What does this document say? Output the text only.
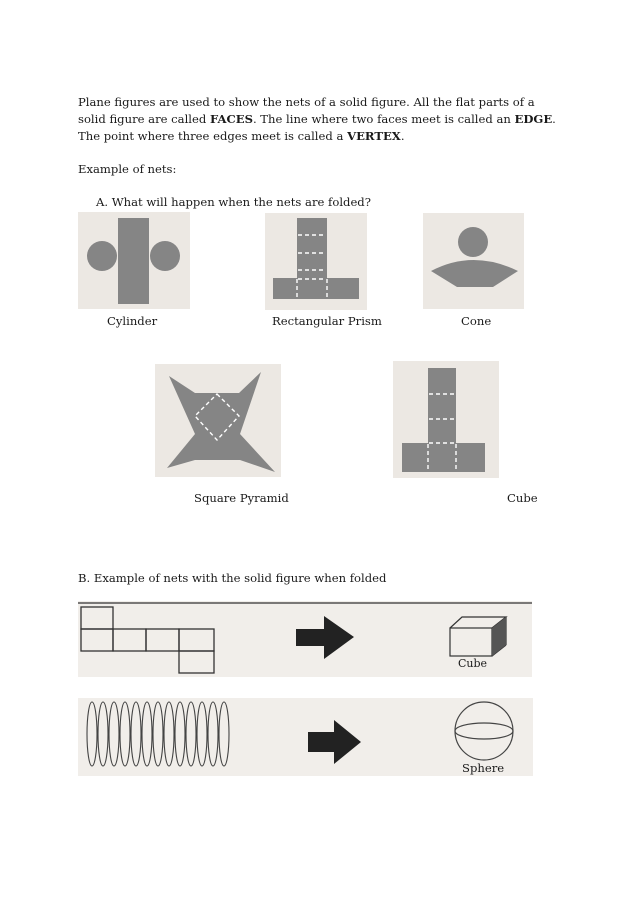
Plane figures are used to show the nets of a solid figure. All the flat parts of a solid figure are called FACES. The line where two faces meet is called an EDGE. The point where three edges meet is called a VERTEX.
Example of nets:
A. What will happen when the nets are folded?
Cylinder	Rectangular Prism	Cone
Square Pyramid	Cube
B. Example of nets with the solid figure when folded
Cube
Sphere
